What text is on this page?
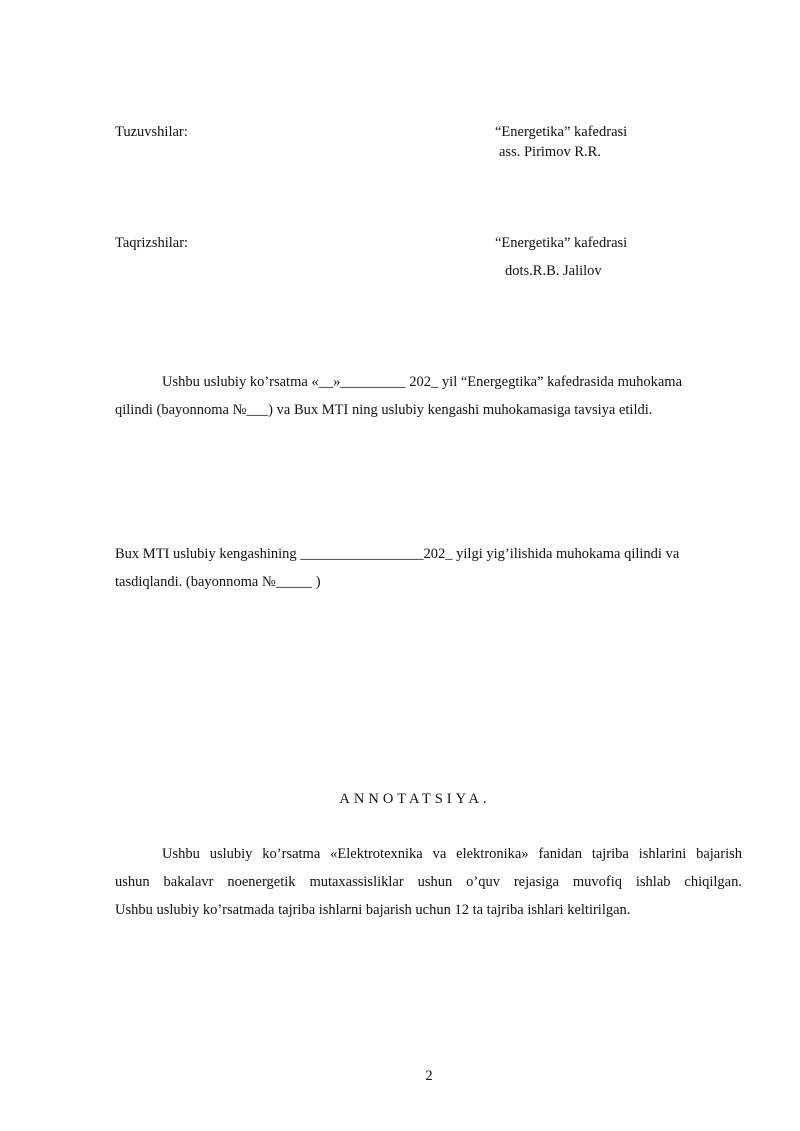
Tuzuvshilar:	“Energetika” kafedrasi
ass. Pirimov R.R.
Taqrizshilar:	“Energetika” kafedrasi
dots.R.B. Jalilov
Ushbu uslubiy ko’rsatma «__»_________ 202_ yil “Energegtika” kafedrasida muhokama
qilindi (bayonnoma №___) va Bux MTI ning uslubiy kengashi muhokamasiga tavsiya etildi.
Bux MTI uslubiy kengashining _________________202_ yilgi yig’ilishida muhokama qilindi va
tasdiqlandi. (bayonnoma №_____ )
ANNOTATSIYA.
Ushbu uslubiy ko’rsatma «Elektrotexnika va elektronika» fanidan tajriba ishlarini bajarish
ushun bakalavr noenergetik mutaxassisliklar ushun o’quv rejasiga muvofiq ishlab chiqilgan.
Ushbu uslubiy ko’rsatmada tajriba ishlarni bajarish uchun 12 ta tajriba ishlari keltirilgan.
2
